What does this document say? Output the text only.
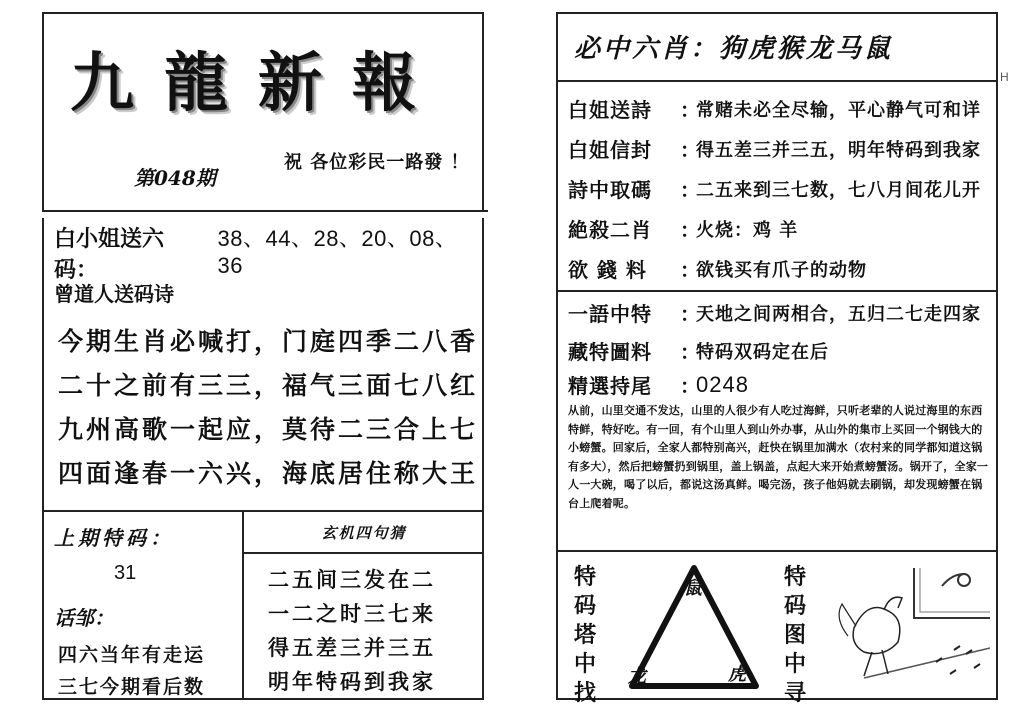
九 龍 新 報
第048期
祝 各位彩民一路發 ！
白小姐送六码：
38、44、28、20、08、36
曾道人送码诗
今期生肖必喊打，门庭四季二八香
二十之前有三三，福气三面七八红
九州高歌一起应，莫待二三合上七
四面逢春一六兴，海底居住称大王
上期特码：
31
话邹：
四六当年有走运
三七今期看后数
玄机四句猜
二五间三发在二
一二之时三七来
得五差三并三五
明年特码到我家
必中六肖：狗虎猴龙马鼠
白姐送詩	：
常赌未必全尽输，平心静气可和详
白姐信封	：
得五差三并三五，明年特码到我家
詩中取碼	：
二五来到三七数，七八月间花儿开
絶殺二肖	：
火烧：鸡 羊
欲 錢 料	：
欲钱买有爪子的动物
一語中特	：
天地之间两相合，五归二七走四家
藏特圖料	：
特码双码定在后
精選持尾	：
0248
从前，山里交通不发达，山里的人很少有人吃过海鲜，只听老辈的人说过海里的东西特鲜，特好吃。有一回，有个山里人到山外办事，从山外的集市上买回一个钢钱大的小螃蟹。回家后，全家人都特别高兴，赶快在锅里加满水（农村来的同学都知道这锅有多大），然后把螃蟹扔到锅里，盖上锅盖，点起大来开始煮螃蟹汤。锅开了，全家一人一大碗，喝了以后，都说这汤真鲜。喝完汤，孩子他妈就去刷锅，却发现螃蟹在锅台上爬着呢。
特
码
塔
中
找
鼠
龙	虎
特
码
图
中
寻
H
